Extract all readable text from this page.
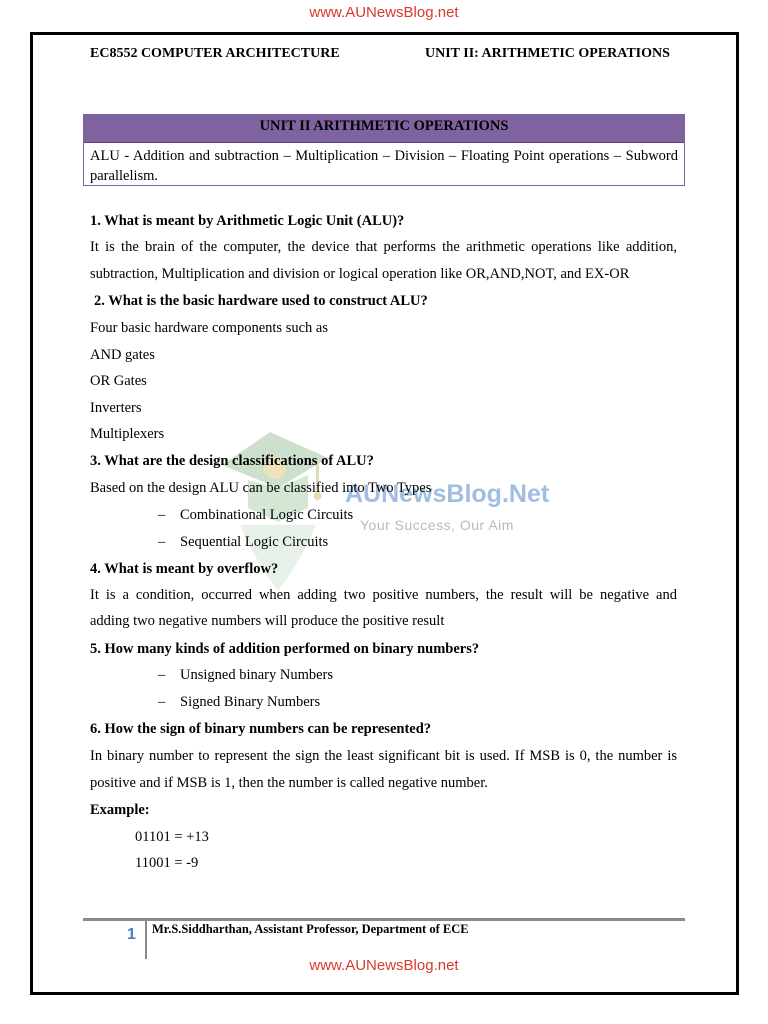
www.AUNewsBlog.net
EC8552 COMPUTER ARCHITECTURE	UNIT II: ARITHMETIC OPERATIONS
UNIT II ARITHMETIC OPERATIONS
ALU - Addition and subtraction – Multiplication – Division – Floating Point operations – Subword parallelism.
AUNewsBlog.Net
Your Success, Our Aim
1. What is meant by Arithmetic Logic Unit (ALU)?
It is the brain of the computer, the device that performs the arithmetic operations like addition,
subtraction, Multiplication and division or logical operation like OR,AND,NOT, and EX-OR
2. What is the basic hardware used to construct ALU?
Four basic hardware components such as
AND gates
OR Gates
Inverters
Multiplexers
3. What are the design classifications of ALU?
Based on the design ALU can be classified into Two Types
– Combinational Logic Circuits
– Sequential Logic Circuits
4. What is meant by overflow?
It is a condition, occurred when adding two positive numbers, the result will be negative and
adding two negative numbers will produce the positive result
5. How many kinds of addition performed on binary numbers?
– Unsigned binary Numbers
– Signed Binary Numbers
6. How the sign of binary numbers can be represented?
In binary number to represent the sign the least significant bit is used. If MSB is 0, the number is
positive and if MSB is 1, then the number is called negative number.
Example:
01101 = +13
11001 = -9
1 Mr.S.Siddharthan, Assistant Professor, Department of ECE
www.AUNewsBlog.net
